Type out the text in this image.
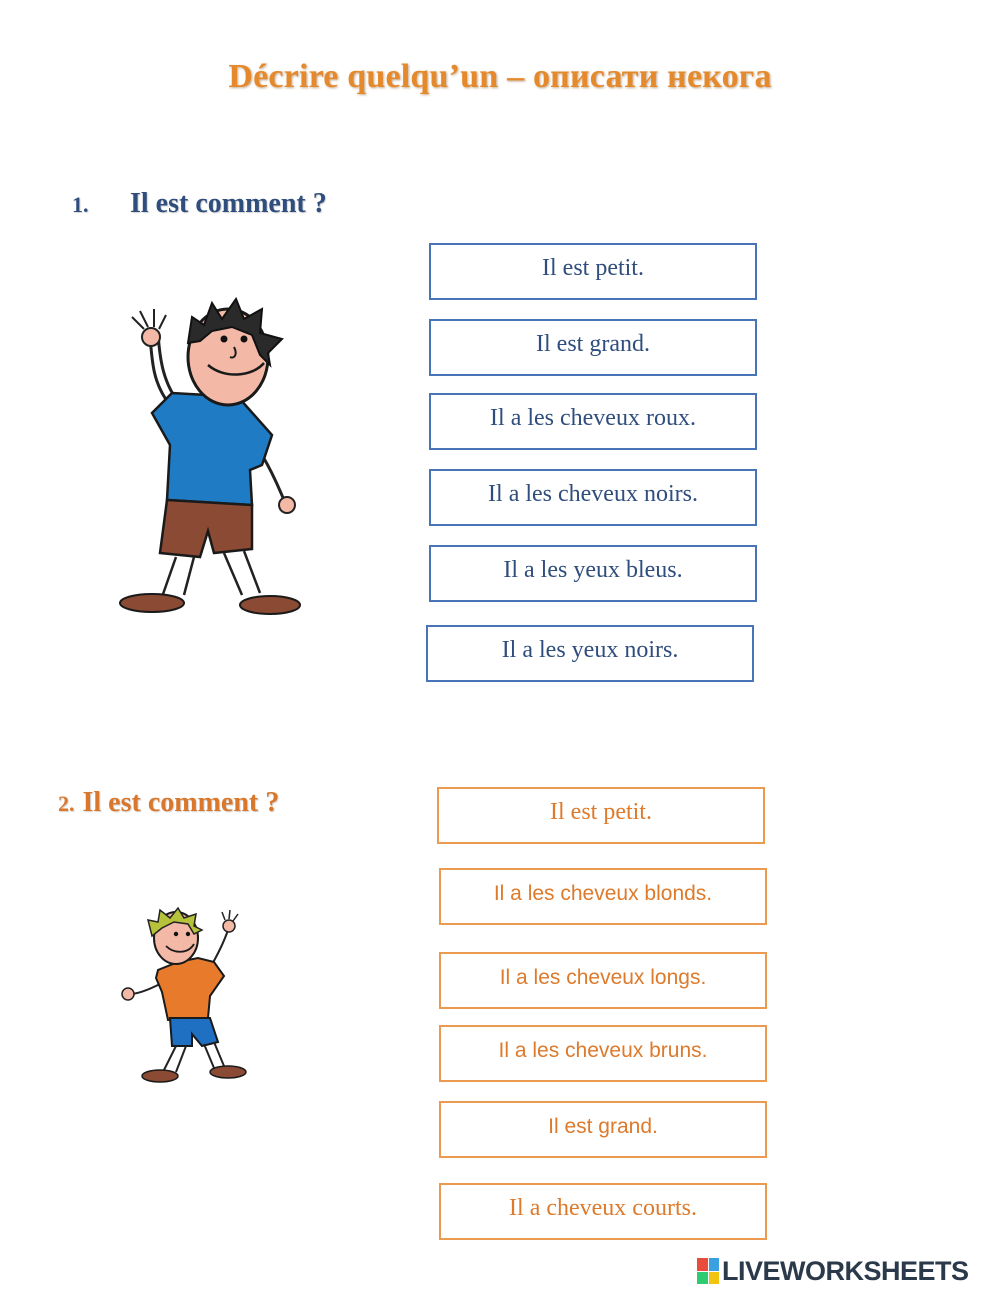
Décrire quelqu’un – описати некога
1. Il est comment ?
Il est petit.
Il est grand.
Il a les cheveux roux.
Il a les cheveux noirs.
Il a les yeux bleus.
Il a les yeux noirs.
2. Il est comment ?	Il est petit.
Il a les cheveux blonds.
Il a les cheveux longs.
Il a les cheveux bruns.
Il est grand.
Il a cheveux courts.
LIVEWORKSHEETS
